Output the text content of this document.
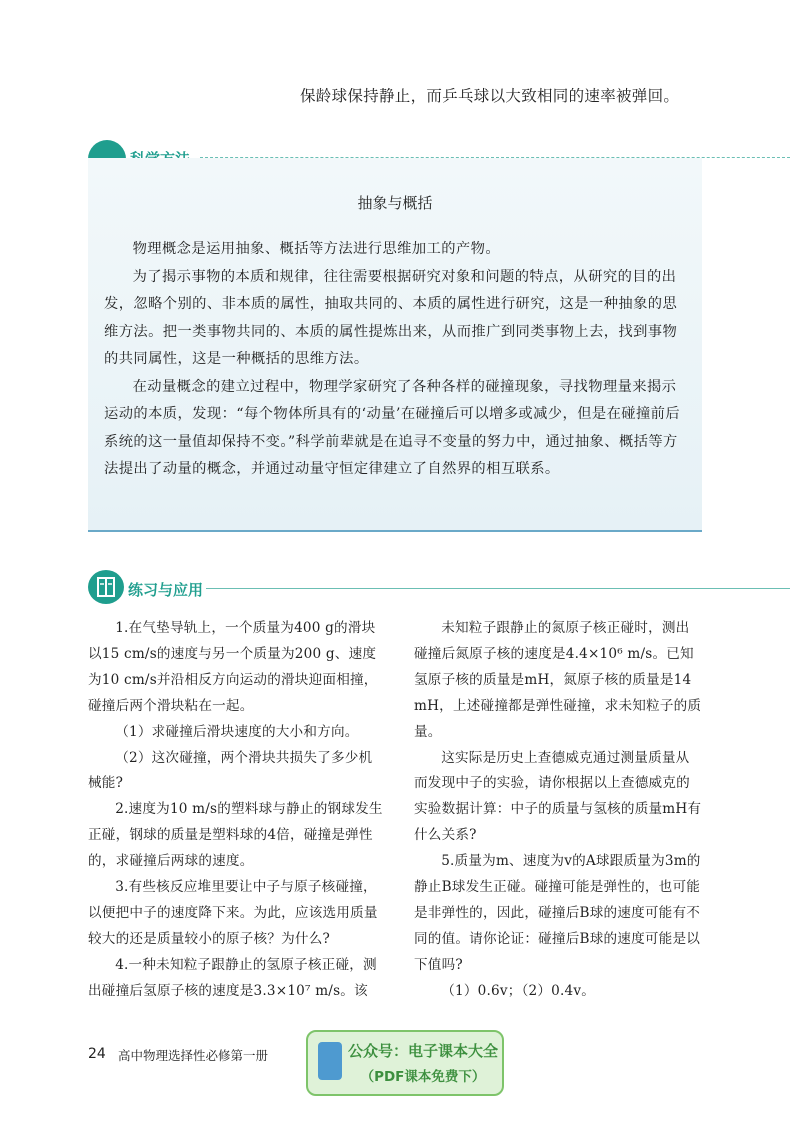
保龄球保持静止，而乒乓球以大致相同的速率被弹回。
抽象与概括

物理概念是运用抽象、概括等方法进行思维加工的产物。

为了揭示事物的本质和规律，往往需要根据研究对象和问题的特点，从研究的目的出发，忽略个别的、非本质的属性，抽取共同的、本质的属性进行研究，这是一种抽象的思维方法。把一类事物共同的、本质的属性提炼出来，从而推广到同类事物上去，找到事物的共同属性，这是一种概括的思维方法。

在动量概念的建立过程中，物理学家研究了各种各样的碰撞现象，寻找物理量来揭示运动的本质，发现：“每个物体所具有的‘动量’在碰撞后可以增多或减少，但是在碰撞前后系统的这一量值却保持不变。”科学前辈就是在追寻不变量的努力中，通过抽象、概括等方法提出了动量的概念，并通过动量守恒定律建立了自然界的相互联系。

练习与应用

1.在气垫导轨上，一个质量为400 g的滑块以15 cm/s的速度与另一个质量为200 g、速度为10 cm/s并沿相反方向运动的滑块迎面相撞，碰撞后两个滑块粘在一起。

（1）求碰撞后滑块速度的大小和方向。

（2）这次碰撞，两个滑块共损失了多少机械能?

2.速度为10 m/s的塑料球与静止的钢球发生正碰，钢球的质量是塑料球的4倍，碰撞是弹性的，求碰撞后两球的速度。

3.有些核反应堆里要让中子与原子核碰撞，以便把中子的速度降下来。为此，应该选用质量较大的还是质量较小的原子核？为什么?

4.一种未知粒子跟静止的氢原子核正碰，测出碰撞后氢原子核的速度是3.3×10⁷ m/s。该

未知粒子跟静止的氮原子核正碰时，测出碰撞后氮原子核的速度是4.4×10⁶ m/s。已知氢原子核的质量是mH，氮原子核的质量是14 mH，上述碰撞都是弹性碰撞，求未知粒子的质量。

这实际是历史上查德威克通过测量质量从而发现中子的实验，请你根据以上查德威克的实验数据计算：中子的质量与氢核的质量mH有什么关系?

5.质量为m、速度为v的A球跟质量为3m的静止B球发生正碰。碰撞可能是弹性的，也可能是非弹性的，因此，碰撞后B球的速度可能有不同的值。请你论证：碰撞后B球的速度可能是以下值吗?

（1）0.6v；（2）0.4v。

24 高中物理选择性必修第一册	公众号：电子课本大全
（PDF课本免费下）
